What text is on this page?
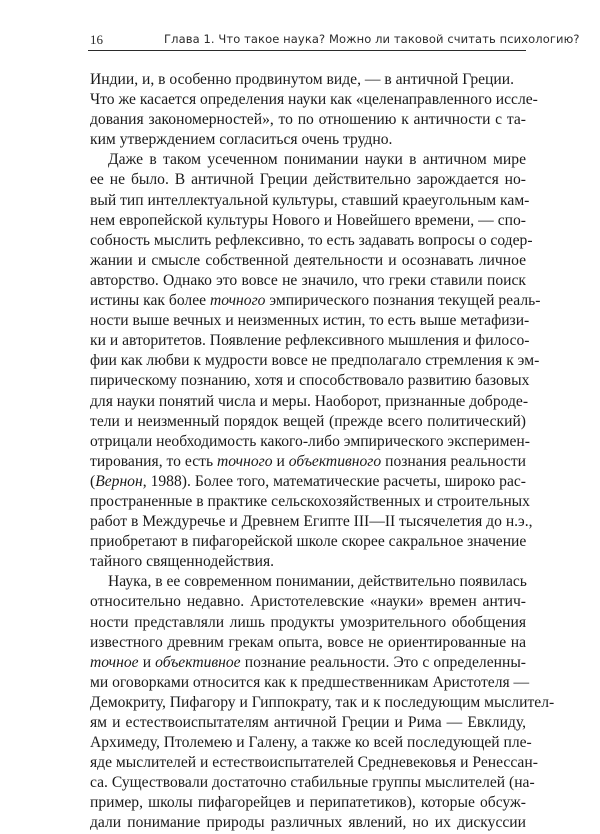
16	Глава 1. Что такое наука? Можно ли таковой считать психологию?
Индии, и, в особенно продвинутом виде, — в античной Греции.
Что же касается определения науки как «целенаправленного иссле-
дования закономерностей», то по отношению к античности с та-
ким утверждением согласиться очень трудно.
Даже в таком усеченном понимании науки в античном мире
ее не было. В античной Греции действительно зарождается но-
вый тип интеллектуальной культуры, ставший краеугольным кам-
нем европейской культуры Нового и Новейшего времени, — спо-
собность мыслить рефлексивно, то есть задавать вопросы о содер-
жании и смысле собственной деятельности и осознавать личное
авторство. Однако это вовсе не значило, что греки ставили поиск
истины как более точного эмпирического познания текущей реаль-
ности выше вечных и неизменных истин, то есть выше метафизи-
ки и авторитетов. Появление рефлексивного мышления и филосо-
фии как любви к мудрости вовсе не предполагало стремления к эм-
пирическому познанию, хотя и способствовало развитию базовых
для науки понятий числа и меры. Наоборот, признанные доброде-
тели и неизменный порядок вещей (прежде всего политический)
отрицали необходимость какого-либо эмпирического эксперимен-
тирования, то есть точного и объективного познания реальности
(Вернон, 1988). Более того, математические расчеты, широко рас-
пространенные в практике сельскохозяйственных и строительных
работ в Междуречье и Древнем Египте III—II тысячелетия до н.э.,
приобретают в пифагорейской школе скорее сакральное значение
тайного священнодействия.
Наука, в ее современном понимании, действительно появилась
относительно недавно. Аристотелевские «науки» времен антич-
ности представляли лишь продукты умозрительного обобщения
известного древним грекам опыта, вовсе не ориентированные на
точное и объективное познание реальности. Это с определенны-
ми оговорками относится как к предшественникам Аристотеля —
Демокриту, Пифагору и Гиппократу, так и к последующим мыслител-
ям и естествоиспытателям античной Греции и Рима — Евклиду,
Архимеду, Птолемею и Галену, а также ко всей последующей пле-
яде мыслителей и естествоиспытателей Средневековья и Ренессан-
са. Существовали достаточно стабильные группы мыслителей (на-
пример, школы пифагорейцев и перипатетиков), которые обсуж-
дали понимание природы различных явлений, но их дискуссии
